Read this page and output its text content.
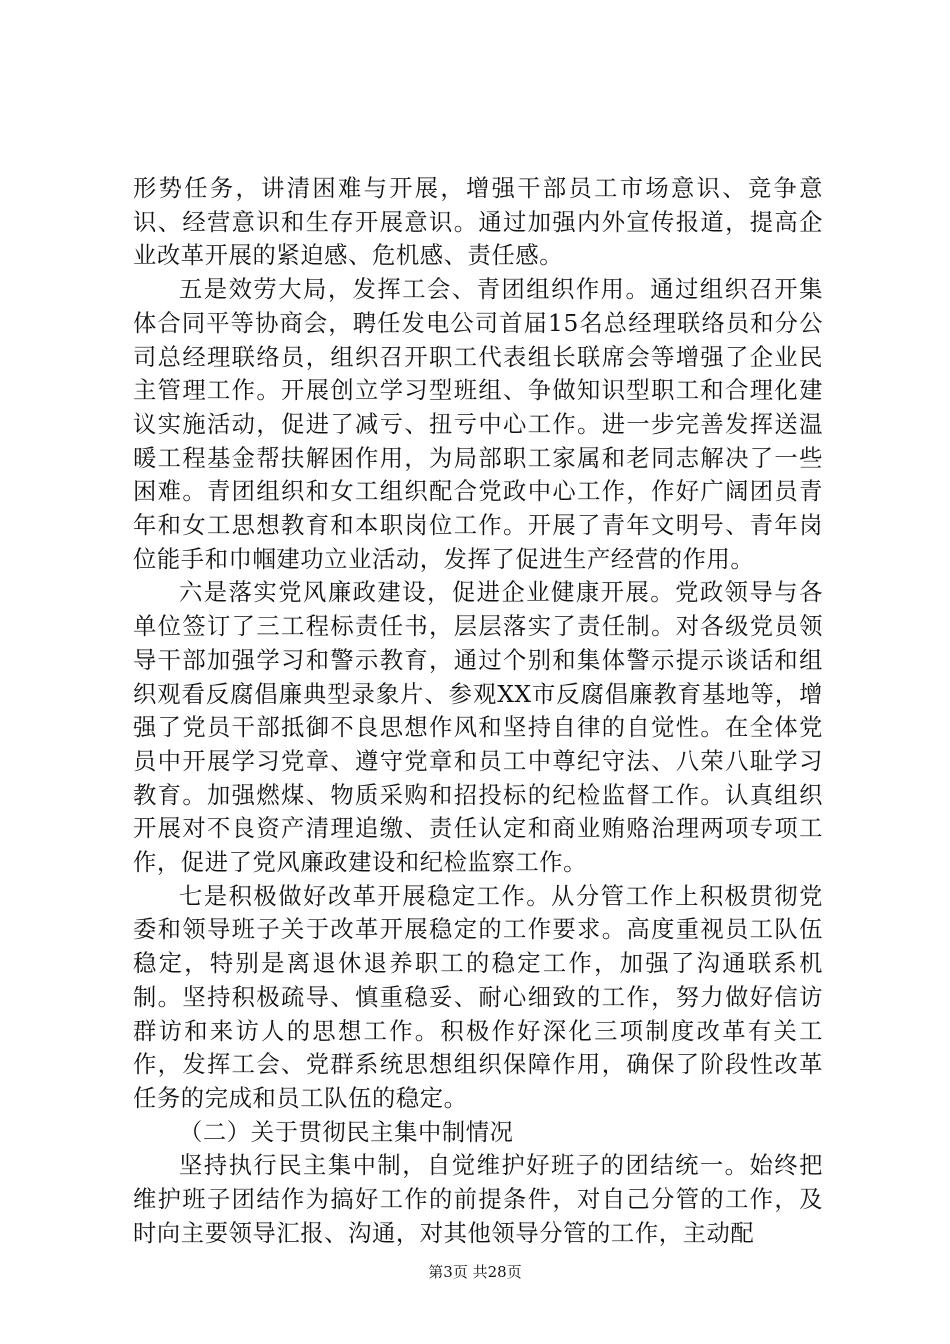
形势任务，讲清困难与开展，增强干部员工市场意识、竞争意识、经营意识和生存开展意识。通过加强内外宣传报道，提高企业改革开展的紧迫感、危机感、责任感。

五是效劳大局，发挥工会、青团组织作用。通过组织召开集体合同平等协商会，聘任发电公司首届15名总经理联络员和分公司总经理联络员，组织召开职工代表组长联席会等增强了企业民主管理工作。开展创立学习型班组、争做知识型职工和合理化建议实施活动，促进了减亏、扭亏中心工作。进一步完善发挥送温暖工程基金帮扶解困作用，为局部职工家属和老同志解决了一些困难。青团组织和女工组织配合党政中心工作，作好广阔团员青年和女工思想教育和本职岗位工作。开展了青年文明号、青年岗位能手和巾帼建功立业活动，发挥了促进生产经营的作用。

六是落实党风廉政建设，促进企业健康开展。党政领导与各单位签订了三工程标责任书，层层落实了责任制。对各级党员领导干部加强学习和警示教育，通过个别和集体警示提示谈话和组织观看反腐倡廉典型录象片、参观XX市反腐倡廉教育基地等，增强了党员干部抵御不良思想作风和坚持自律的自觉性。在全体党员中开展学习党章、遵守党章和员工中尊纪守法、八荣八耻学习教育。加强燃煤、物质采购和招投标的纪检监督工作。认真组织开展对不良资产清理追缴、责任认定和商业贿赂治理两项专项工作，促进了党风廉政建设和纪检监察工作。

七是积极做好改革开展稳定工作。从分管工作上积极贯彻党委和领导班子关于改革开展稳定的工作要求。高度重视员工队伍稳定，特别是离退休退养职工的稳定工作，加强了沟通联系机制。坚持积极疏导、慎重稳妥、耐心细致的工作，努力做好信访群访和来访人的思想工作。积极作好深化三项制度改革有关工作，发挥工会、党群系统思想组织保障作用，确保了阶段性改革任务的完成和员工队伍的稳定。

（二）关于贯彻民主集中制情况

坚持执行民主集中制，自觉维护好班子的团结统一。始终把维护班子团结作为搞好工作的前提条件，对自己分管的工作，及时向主要领导汇报、沟通，对其他领导分管的工作，主动配

第3页 共28页
